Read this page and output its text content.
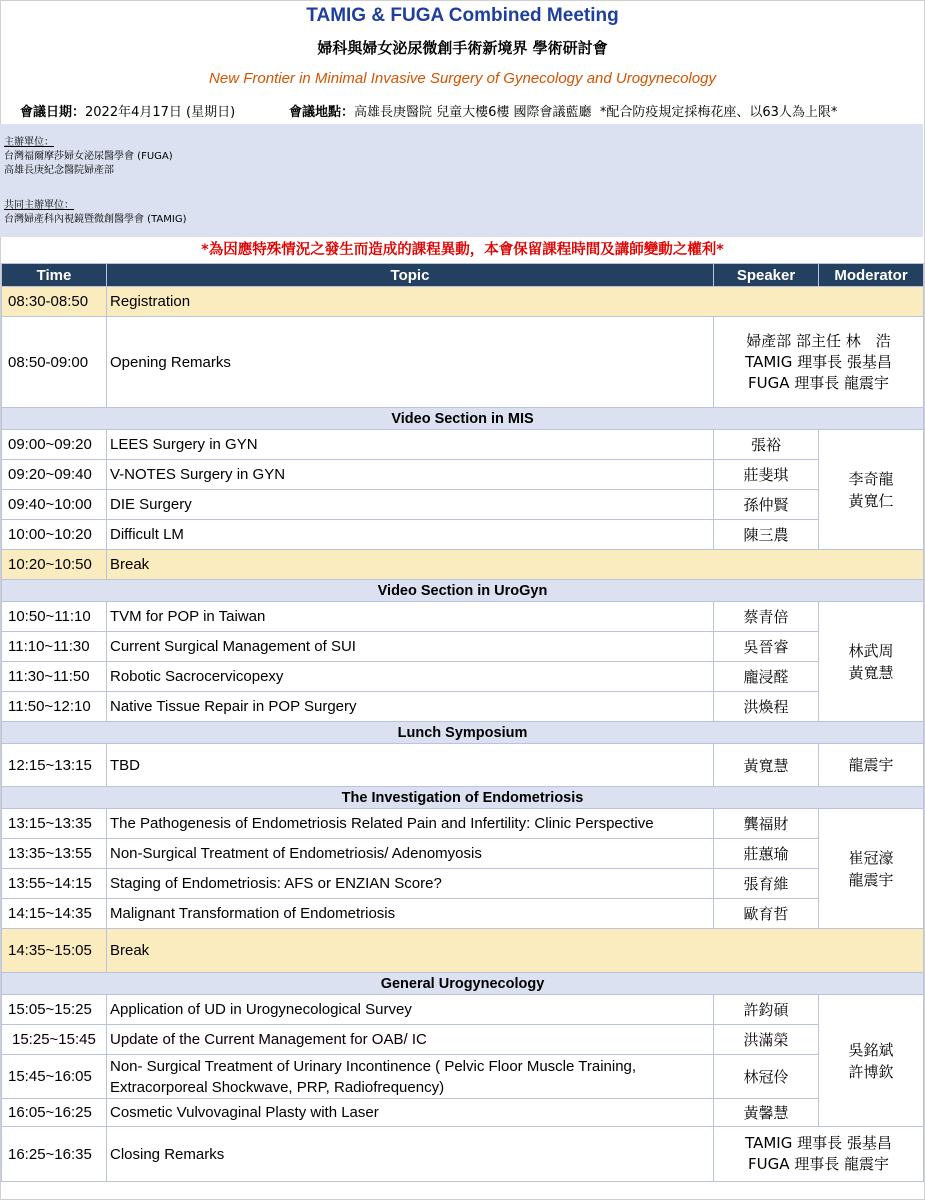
TAMIG & FUGA Combined Meeting
婦科與婦女泌尿微創手術新境界 學術研討會
New Frontier in Minimal Invasive Surgery of Gynecology and Urogynecology
會議日期：2022年4月17日 (星期日)	會議地點：高雄長庚醫院 兒童大樓6樓 國際會議藍廳 *配合防疫規定採梅花座、以63人為上限*
主辦單位：
台灣福爾摩莎婦女泌尿醫學會 (FUGA)
高雄長庚紀念醫院婦產部
共同主辦單位：
台灣婦產科內視鏡暨微創醫學會 (TAMIG)
*為因應特殊情況之發生而造成的課程異動，本會保留課程時間及講師變動之權利*
Time	Topic	Speaker	Moderator
08:30-08:50	Registration		
08:50-09:00	Opening Remarks	婦產部 部主任 林　浩
TAMIG 理事長 張基昌
FUGA 理事長 龍震宇	

Video Section in MIS			
09:00~09:20	LEES Surgery in GYN	張裕	李奇龍
黃寬仁

09:20~09:40	V-NOTES Surgery in GYN	莊斐琪	
09:40~10:00	DIE Surgery	孫仲賢	
10:00~10:20	Difficult LM	陳三農	
10:20~10:50	Break		
Video Section in UroGyn			
10:50~11:10	TVM for POP in Taiwan	蔡青倍	林武周
黃寬慧

11:10~11:30	Current Surgical Management of SUI	吳晉睿	
11:30~11:50	Robotic Sacrocervicopexy	龐浸醛	
11:50~12:10	Native Tissue Repair in POP Surgery	洪煥程	
Lunch Symposium			
12:15~13:15	TBD	黃寬慧	龍震宇
The Investigation of Endometriosis			
13:15~13:35	The Pathogenesis of Endometriosis Related Pain and Infertility: Clinic Perspective	龔福財	崔冠濠
龍震宇

13:35~13:55	Non-Surgical Treatment of Endometriosis/ Adenomyosis	莊蕙瑜	
13:55~14:15	Staging of Endometriosis: AFS or ENZIAN Score?	張育維	
14:15~14:35	Malignant Transformation of Endometriosis	歐育哲	
14:35~15:05	Break		
General Urogynecology			
15:05~15:25	Application of UD in Urogynecological Survey	許鈞碩	吳銘斌
許博欽

15:25~15:45	Update of the Current Management for OAB/ IC	洪滿榮	
15:45~16:05	Non- Surgical Treatment of Urinary Incontinence ( Pelvic Floor Muscle Training, Extracorporeal Shockwave, PRP, Radiofrequency)	林冠伶	
16:05~16:25	Cosmetic Vulvovaginal Plasty with Laser	黃馨慧	
16:25~16:35	Closing Remarks	TAMIG 理事長 張基昌
FUGA 理事長 龍震宇	
